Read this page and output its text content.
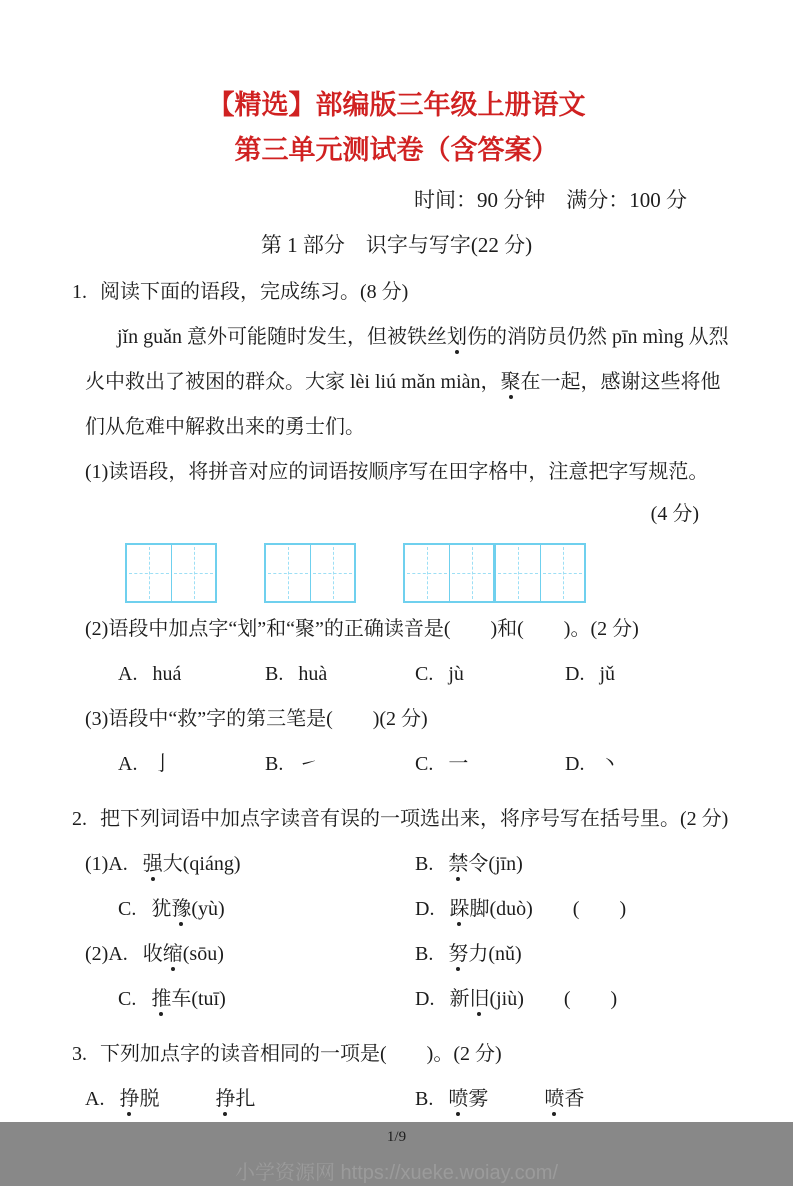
【精选】部编版三年级上册语文
第三单元测试卷（含答案）
时间：90 分钟　满分：100 分
第 1 部分　识字与写字(22 分)
1. 阅读下面的语段，完成练习。(8 分)
jǐn guǎn 意外可能随时发生，但被铁丝划伤的消防员仍然 pīn mìng 从烈
火中救出了被困的群众。大家 lèi liú mǎn miàn，聚在一起，感谢这些将他
们从危难中解救出来的勇士们。
(1)读语段，将拼音对应的词语按顺序写在田字格中，注意把字写规范。
(4 分)
(2)语段中加点字“划”和“聚”的正确读音是(　　)和(　　)。(2 分)
A. huá	B. huà	C. jù	D. jǔ
(3)语段中“救”字的第三笔是(　　)(2 分)
A. 亅	B. ㇀	C. 一	D. 丶
2. 把下列词语中加点字读音有误的一项选出来，将序号写在括号里。(2 分)
(1)A. 强大(qiáng)	B. 禁令(jīn)
C. 犹豫(yù)	D. 跺脚(duò) (　　)
(2)A. 收缩(sōu)	B. 努力(nǔ)
C. 推车(tuī)	D. 新旧(jiù) (　　)
3. 下列加点字的读音相同的一项是(　　)。(2 分)
A. 挣脱	挣扎	B. 喷雾	喷香
1/9
小学资源网 https://xueke.woiay.com/
